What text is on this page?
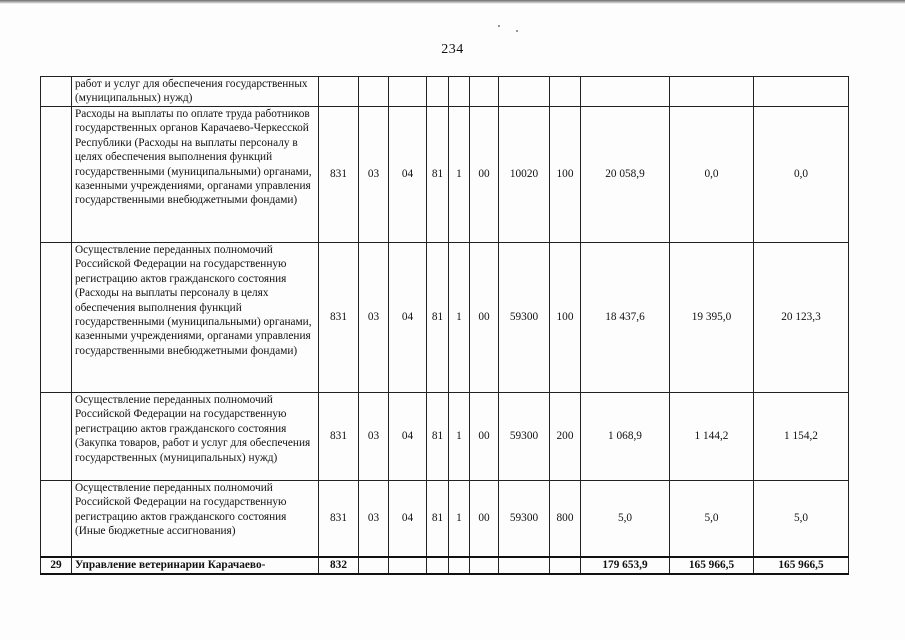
234
	работ и услуг для обеспечения государственных (муниципальных) нужд)											
	Расходы на выплаты по оплате труда работников государственных органов Карачаево-Черкесской Республики (Расходы на выплаты персоналу в целях обеспечения выполнения функций государственными (муниципальными) органами, казенными учреждениями, органами управления государственными внебюджетными фондами)	831	03	04	81	1	00	10020	100	20 058,9	0,0	0,0
	Осуществление переданных полномочий Российской Федерации на государственную регистрацию актов гражданского состояния (Расходы на выплаты персоналу в целях обеспечения выполнения функций государственными (муниципальными) органами, казенными учреждениями, органами управления государственными внебюджетными фондами)	831	03	04	81	1	00	59300	100	18 437,6	19 395,0	20 123,3
	Осуществление переданных полномочий Российской Федерации на государственную регистрацию актов гражданского состояния (Закупка товаров, работ и услуг для обеспечения государственных (муниципальных) нужд)	831	03	04	81	1	00	59300	200	1 068,9	1 144,2	1 154,2
	Осуществление переданных полномочий Российской Федерации на государственную регистрацию актов гражданского состояния (Иные бюджетные ассигнования)	831	03	04	81	1	00	59300	800	5,0	5,0	5,0
29	Управление ветеринарии Карачаево-	832								179 653,9	165 966,5	165 966,5
